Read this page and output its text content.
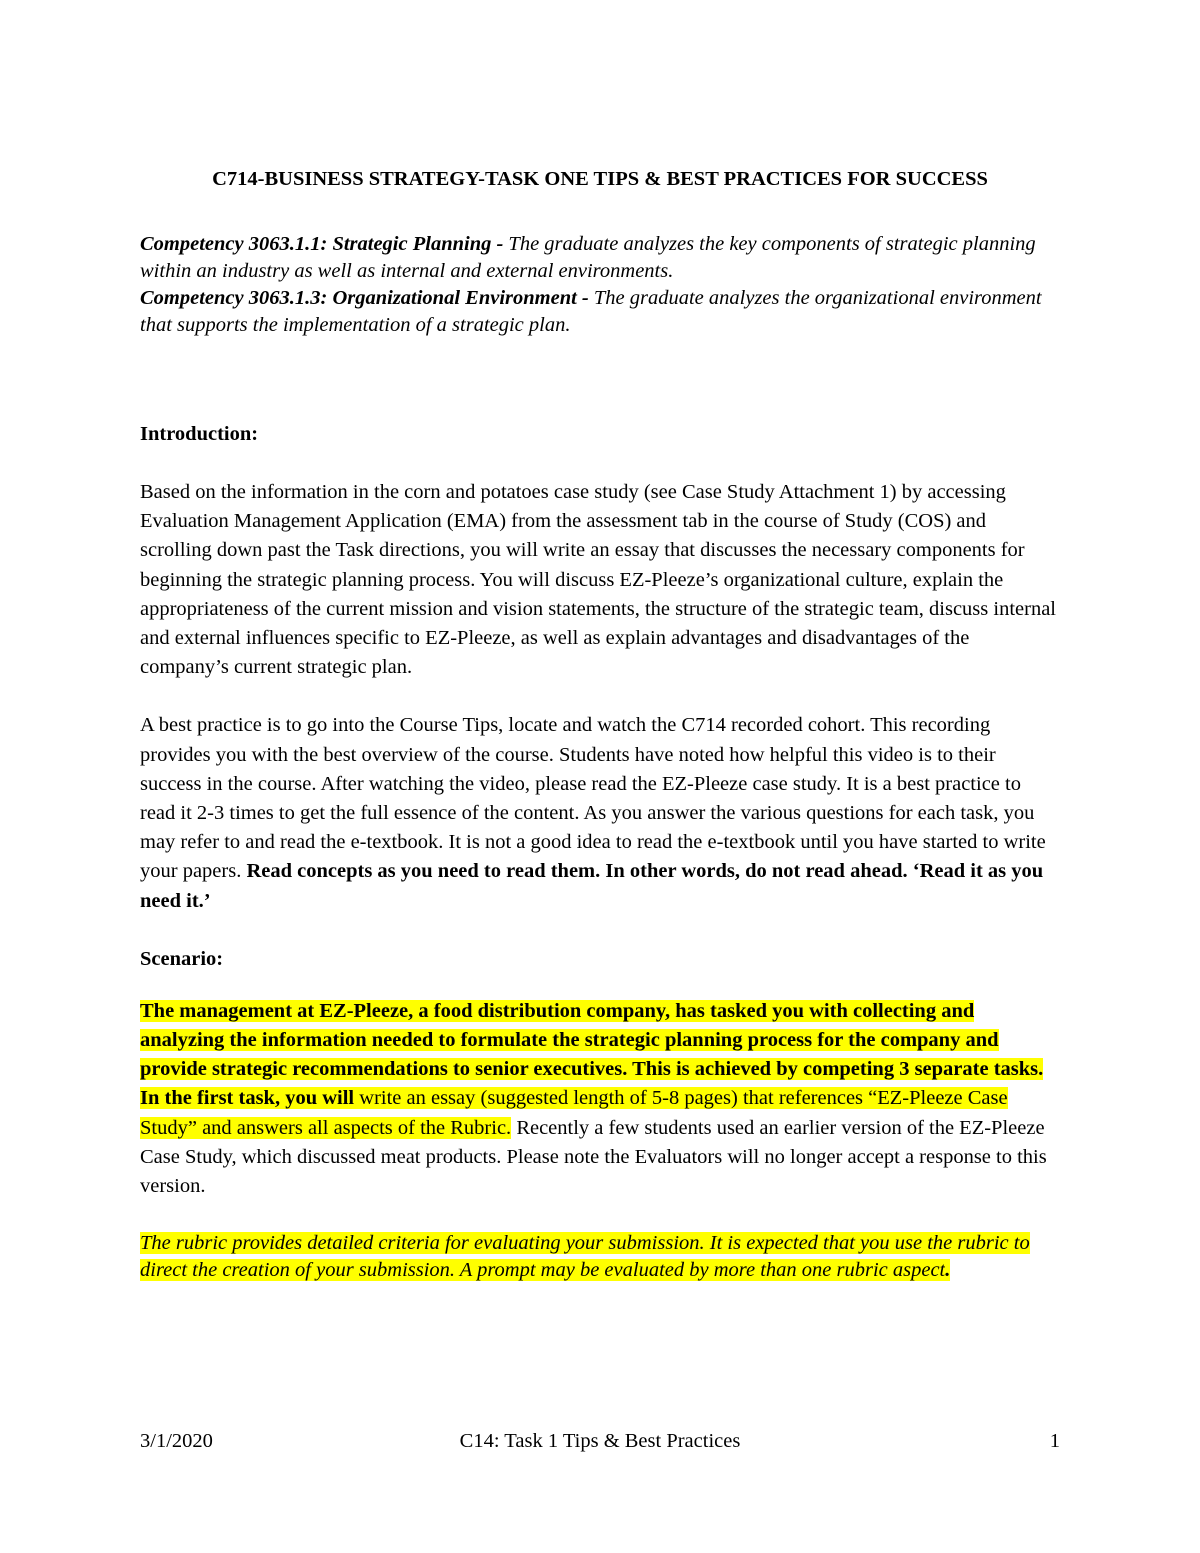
C714-BUSINESS STRATEGY-TASK ONE TIPS & BEST PRACTICES FOR SUCCESS

Competency 3063.1.1: Strategic Planning - The graduate analyzes the key components of strategic planning within an industry as well as internal and external environments.

Competency 3063.1.3: Organizational Environment - The graduate analyzes the organizational environment that supports the implementation of a strategic plan.

Introduction:

Based on the information in the corn and potatoes case study (see Case Study Attachment 1) by accessing Evaluation Management Application (EMA) from the assessment tab in the course of Study (COS) and scrolling down past the Task directions, you will write an essay that discusses the necessary components for beginning the strategic planning process. You will discuss EZ-Pleeze’s organizational culture, explain the appropriateness of the current mission and vision statements, the structure of the strategic team, discuss internal and external influences specific to EZ-Pleeze, as well as explain advantages and disadvantages of the company’s current strategic plan.

A best practice is to go into the Course Tips, locate and watch the C714 recorded cohort. This recording provides you with the best overview of the course. Students have noted how helpful this video is to their success in the course. After watching the video, please read the EZ-Pleeze case study. It is a best practice to read it 2-3 times to get the full essence of the content. As you answer the various questions for each task, you may refer to and read the e-textbook. It is not a good idea to read the e-textbook until you have started to write your papers. Read concepts as you need to read them. In other words, do not read ahead. ‘Read it as you need it.’

Scenario:

The management at EZ-Pleeze, a food distribution company, has tasked you with collecting and analyzing the information needed to formulate the strategic planning process for the company and provide strategic recommendations to senior executives. This is achieved by competing 3 separate tasks. In the first task, you will write an essay (suggested length of 5-8 pages) that references “EZ-Pleeze Case Study” and answers all aspects of the Rubric. Recently a few students used an earlier version of the EZ-Pleeze Case Study, which discussed meat products. Please note the Evaluators will no longer accept a response to this version.

The rubric provides detailed criteria for evaluating your submission. It is expected that you use the rubric to direct the creation of your submission. A prompt may be evaluated by more than one rubric aspect.

3/1/2020	C14: Task 1 Tips & Best Practices	1
